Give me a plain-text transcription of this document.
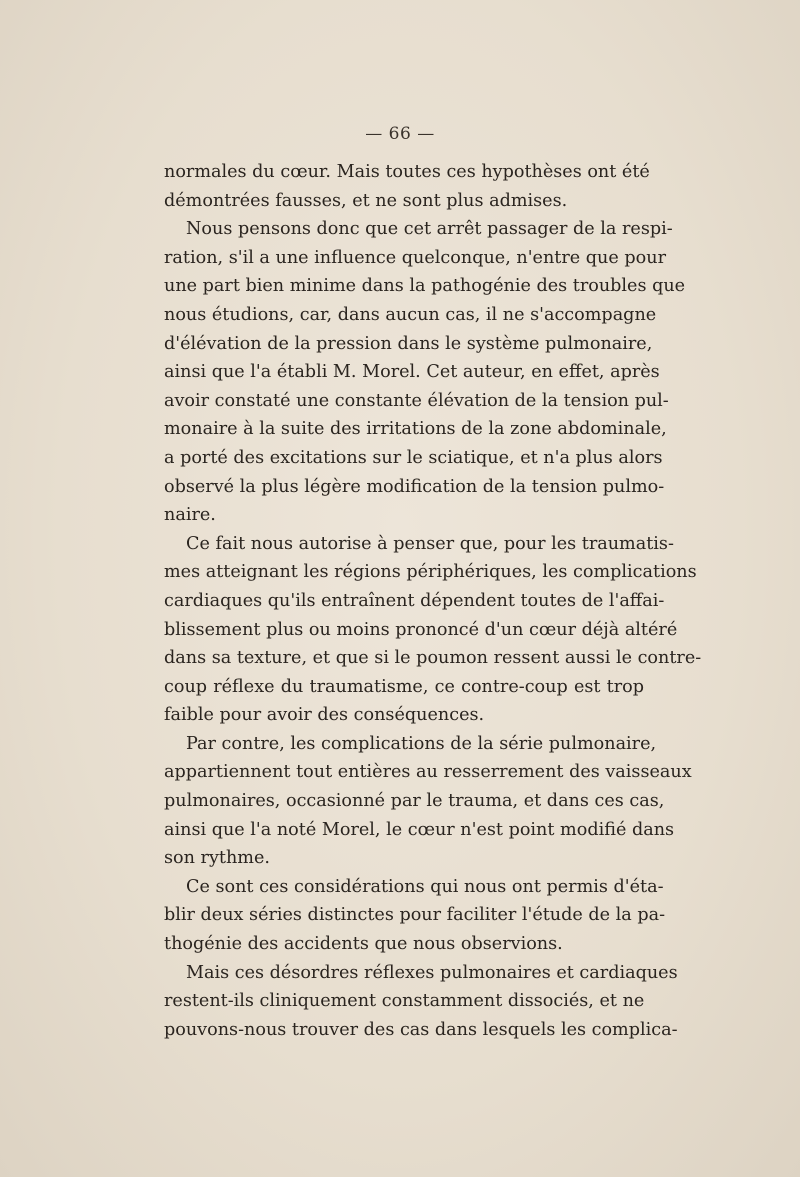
— 66 —
normales du cœur. Mais toutes ces hypothèses ont été
démontrées fausses, et ne sont plus admises.
Nous pensons donc que cet arrêt passager de la respi-
ration, s'il a une influence quelconque, n'entre que pour
une part bien minime dans la pathogénie des troubles que
nous étudions, car, dans aucun cas, il ne s'accompagne
d'élévation de la pression dans le système pulmonaire,
ainsi que l'a établi M. Morel. Cet auteur, en effet, après
avoir constaté une constante élévation de la tension pul-
monaire à la suite des irritations de la zone abdominale,
a porté des excitations sur le sciatique, et n'a plus alors
observé la plus légère modification de la tension pulmo-
naire.
Ce fait nous autorise à penser que, pour les traumatis-
mes atteignant les régions périphériques, les complications
cardiaques qu'ils entraînent dépendent toutes de l'affai-
blissement plus ou moins prononcé d'un cœur déjà altéré
dans sa texture, et que si le poumon ressent aussi le contre-
coup réflexe du traumatisme, ce contre-coup est trop
faible pour avoir des conséquences.
Par contre, les complications de la série pulmonaire,
appartiennent tout entières au resserrement des vaisseaux
pulmonaires, occasionné par le trauma, et dans ces cas,
ainsi que l'a noté Morel, le cœur n'est point modifié dans
son rythme.
Ce sont ces considérations qui nous ont permis d'éta-
blir deux séries distinctes pour faciliter l'étude de la pa-
thogénie des accidents que nous observions.
Mais ces désordres réflexes pulmonaires et cardiaques
restent-ils cliniquement constamment dissociés, et ne
pouvons-nous trouver des cas dans lesquels les complica-
